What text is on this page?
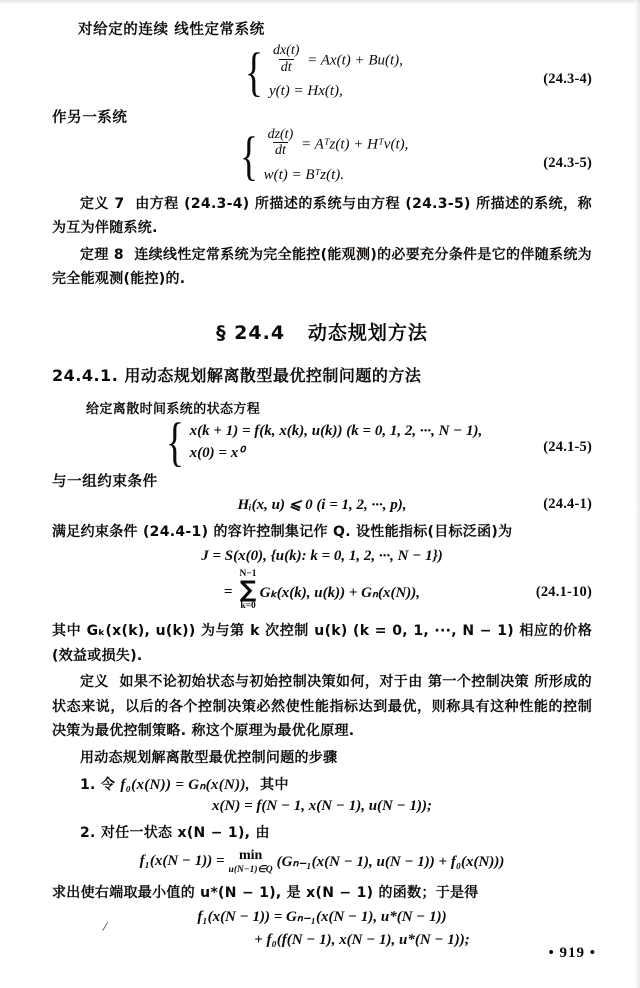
对给定的连续 线性定常系统
{ $\frac{dx(t)}{dt} = Ax(t) + Bu(t)$,
y(t) = Hx(t),
(24.3-4)
作另一系统
{ $\frac{dz(t)}{dt}$ = Aᵀz(t) + Hᵀv(t),
w(t) = Bᵀz(t).
(24.3-5)
定义 7 由方程 (24.3-4) 所描述的系统与由方程 (24.3-5) 所描述的系统，称为互为伴随系统.
定理 8 连续线性定常系统为完全能控(能观测)的必要充分条件是它的伴随系统为完全能观测(能控)的.
§ 24.4 动态规划方法
24.4.1. 用动态规划解离散型最优控制问题的方法
给定离散时间系统的状态方程
{ x(k + 1) = f(k, x(k), u(k)) (k = 0, 1, 2, ···, N − 1),
x(0) = x⁰	(24.1-5)
与一组约束条件
Hᵢ(x, u) ⩽ 0 (i = 1, 2, ···, p),	(24.4-1)
满足约束条件 (24.4-1) 的容许控制集记作 Q. 设性能指标(目标泛函)为
J = S(x(0), {u(k): k = 0, 1, 2, ···, N − 1})
=
N−1
∑
k=0
Gₖ(x(k), u(k)) + Gₙ(x(N)),	(24.1-10)
其中 Gₖ(x(k), u(k)) 为与第 k 次控制 u(k) (k = 0, 1, ···, N − 1) 相应的价格(效益或损失).
定义 如果不论初始状态与初始控制决策如何，对于由 第一个控制决策 所形成的状态来说，以后的各个控制决策必然使性能指标达到最优，则称具有这种性能的控制决策为最优控制策略. 称这个原理为最优化原理.
用动态规划解离散型最优控制问题的步骤
1. 令 f₀(x(N)) = Gₙ(x(N)), 其中
x(N) = f(N − 1, x(N − 1), u(N − 1));
2. 对任一状态 x(N − 1), 由
f₁(x(N − 1)) = min
u(N−1)∈Q (Gₙ₋₁(x(N − 1), u(N − 1)) + f₀(x(N)))
求出使右端取最小值的 u*(N − 1), 是 x(N − 1) 的函数；于是得
f₁(x(N − 1)) = Gₙ₋₁(x(N − 1), u*(N − 1))
+ f₀(f(N − 1), x(N − 1), u*(N − 1));
/
• 919 •
